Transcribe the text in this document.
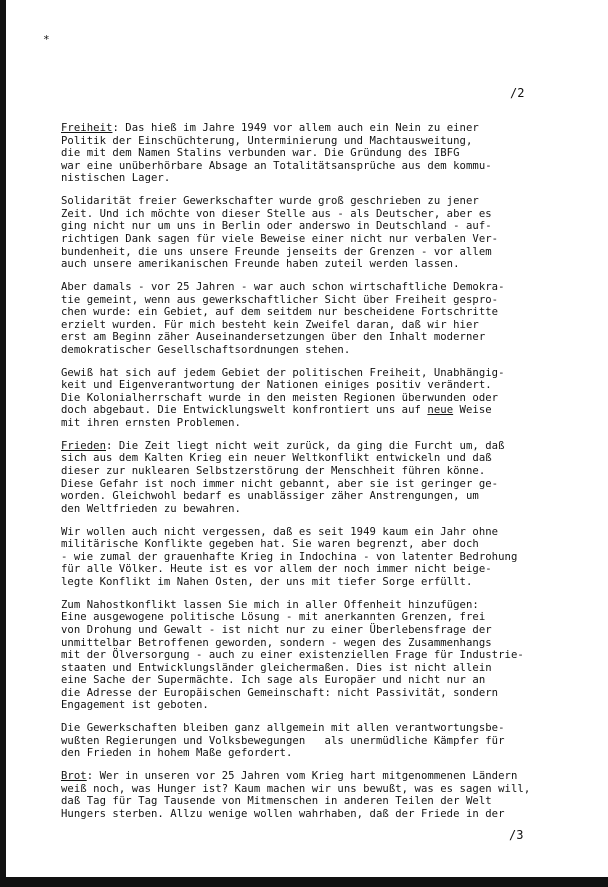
*
/2
Freiheit: Das hieß im Jahre 1949 vor allem auch ein Nein zu einer
Politik der Einschüchterung, Unterminierung und Machtausweitung,
die mit dem Namen Stalins verbunden war. Die Gründung des IBFG
war eine unüberhörbare Absage an Totalitätsansprüche aus dem kommu-
nistischen Lager.
Solidarität freier Gewerkschafter wurde groß geschrieben zu jener
Zeit. Und ich möchte von dieser Stelle aus - als Deutscher, aber es
ging nicht nur um uns in Berlin oder anderswo in Deutschland - auf-
richtigen Dank sagen für viele Beweise einer nicht nur verbalen Ver-
bundenheit, die uns unsere Freunde jenseits der Grenzen - vor allem
auch unsere amerikanischen Freunde haben zuteil werden lassen.
Aber damals - vor 25 Jahren - war auch schon wirtschaftliche Demokra-
tie gemeint, wenn aus gewerkschaftlicher Sicht über Freiheit gespro-
chen wurde: ein Gebiet, auf dem seitdem nur bescheidene Fortschritte
erzielt wurden. Für mich besteht kein Zweifel daran, daß wir hier
erst am Beginn zäher Auseinandersetzungen über den Inhalt moderner
demokratischer Gesellschaftsordnungen stehen.
Gewiß hat sich auf jedem Gebiet der politischen Freiheit, Unabhängig-
keit und Eigenverantwortung der Nationen einiges positiv verändert.
Die Kolonialherrschaft wurde in den meisten Regionen überwunden oder
doch abgebaut. Die Entwicklungswelt konfrontiert uns auf neue Weise
mit ihren ernsten Problemen.
Frieden: Die Zeit liegt nicht weit zurück, da ging die Furcht um, daß
sich aus dem Kalten Krieg ein neuer Weltkonflikt entwickeln und daß
dieser zur nuklearen Selbstzerstörung der Menschheit führen könne.
Diese Gefahr ist noch immer nicht gebannt, aber sie ist geringer ge-
worden. Gleichwohl bedarf es unablässiger zäher Anstrengungen, um
den Weltfrieden zu bewahren.
Wir wollen auch nicht vergessen, daß es seit 1949 kaum ein Jahr ohne
militärische Konflikte gegeben hat. Sie waren begrenzt, aber doch
- wie zumal der grauenhafte Krieg in Indochina - von latenter Bedrohung
für alle Völker. Heute ist es vor allem der noch immer nicht beige-
legte Konflikt im Nahen Osten, der uns mit tiefer Sorge erfüllt.
Zum Nahostkonflikt lassen Sie mich in aller Offenheit hinzufügen:
Eine ausgewogene politische Lösung - mit anerkannten Grenzen, frei
von Drohung und Gewalt - ist nicht nur zu einer Überlebensfrage der
unmittelbar Betroffenen geworden, sondern - wegen des Zusammenhangs
mit der Ölversorgung - auch zu einer existenziellen Frage für Industrie-
staaten und Entwicklungsländer gleichermaßen. Dies ist nicht allein
eine Sache der Supermächte. Ich sage als Europäer und nicht nur an
die Adresse der Europäischen Gemeinschaft: nicht Passivität, sondern
Engagement ist geboten.
Die Gewerkschaften bleiben ganz allgemein mit allen verantwortungsbe-
wußten Regierungen und Volksbewegungen   als unermüdliche Kämpfer für
den Frieden in hohem Maße gefordert.
Brot: Wer in unseren vor 25 Jahren vom Krieg hart mitgenommenen Ländern
weiß noch, was Hunger ist? Kaum machen wir uns bewußt, was es sagen will,
daß Tag für Tag Tausende von Mitmenschen in anderen Teilen der Welt
Hungers sterben. Allzu wenige wollen wahrhaben, daß der Friede in der
/3
